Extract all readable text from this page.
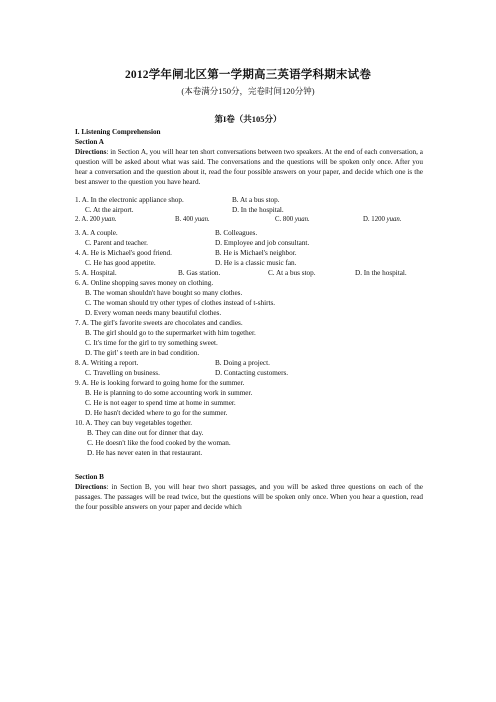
2012学年闸北区第一学期高三英语学科期末试卷
(本卷满分150分，完卷时间120分钟)
第I卷（共105分）
I. Listening Comprehension
Section A
Directions: in Section A, you will hear ten short conversations between two speakers. At the end of each conversation, a question will be asked about what was said. The conversations and the questions will be spoken only once. After you hear a conversation and the question about it, read the four possible answers on your paper, and decide which one is the best answer to the question you have heard.
1. A. In the electronic appliance shop.	B. At a bus stop.
C. At the airport.	D. In the hospital.
2. A. 200 yuan.	B. 400 yuan.	C. 800 yuan.	D. 1200 yuan.
3. A. A couple.	B. Colleagues.
C. Parent and teacher.	D. Employee and job consultant.
4. A. He is Michael's good friend.	B. He is Michael's neighbor.
C. He has good appetite.	D. He is a classic music fan.
5. A. Hospital.	B. Gas station.	C. At a bus stop.	D. In the hospital.
6. A. Online shopping saves money on clothing.
B. The woman shouldn't have bought so many clothes.
C. The woman should try other types of clothes instead of t-shirts.
D. Every woman needs many beautiful clothes.
7. A. The girl's favorite sweets are chocolates and candies.
B. The girl should go to the supermarket with him together.
C. It's time for the girl to try something sweet.
D. The girl' s teeth are in bad condition.
8. A. Writing a report.	B. Doing a project.
C. Travelling on business.	D. Contacting customers.
9. A. He is looking forward to going home for the summer.
B. He is planning to do some accounting work in summer.
C. He is not eager to spend time at home in summer.
D. He hasn't decided where to go for the summer.
10. A. They can buy vegetables together.
B. They can dine out for dinner that day.
C. He doesn't like the food cooked by the woman.
D. He has never eaten in that restaurant.
Section B
Directions: in Section B, you will hear two short passages, and you will be asked three questions on each of the passages. The passages will be read twice, but the questions will be spoken only once. When you hear a question, read the four possible answers on your paper and decide which
